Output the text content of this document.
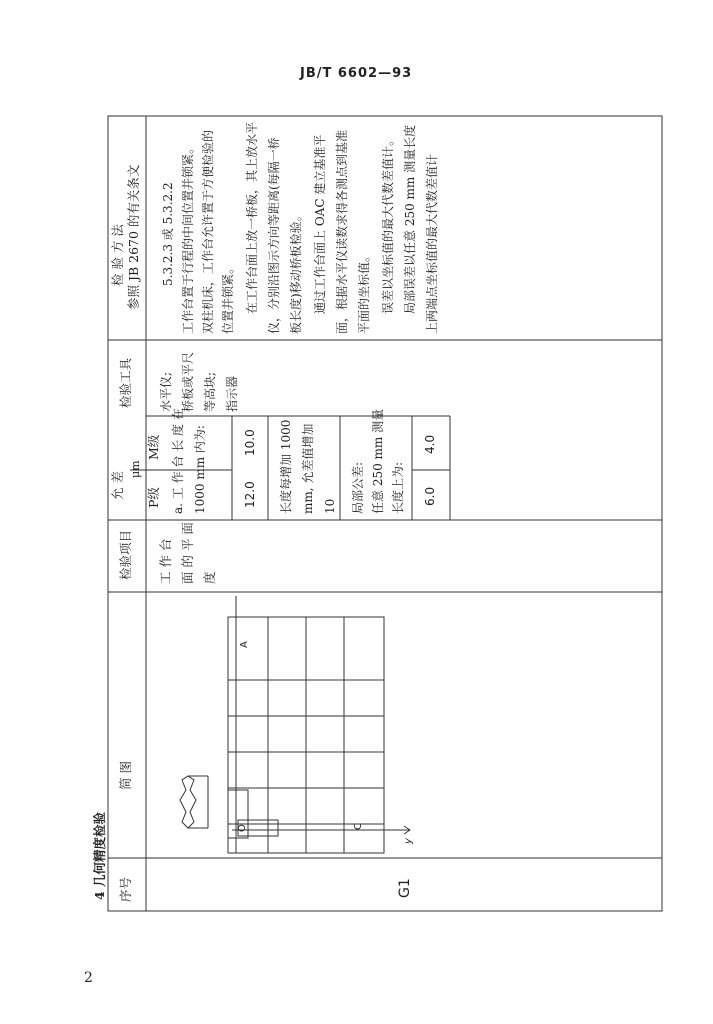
JB/T 6602—93
4 几何精度检验 序号
简 图
检验项目
允 差
μm
P级
M级
检验工具
检 验 方 法 参照 JB 2670 的有关条文
G1
A
O	C
y
工 作 台 面 的 平 面 度
a. 工 作 台 长 度 在 1000 mm 内为:	12.0
10.0 长度每增加 1000 mm, 允差值增加 10 局部公差: 任意 250 mm 测量 长度上为: 6.0
4.0
水平仪; 桥板或平尺 等高块; 指示器
5.3.2.3 或 5.3.2.2 工作台置于行程的中间位置并锁紧。 双柱机床，工作台允许置于方便检验的 位置并锁紧。 在工作台面上放一桥板，其上放水平 仪，分别沿图示方向等距离(每隔一桥 板长度)移动桥板检验。 通过工作台面上 OAC 建立基准平 面，根据水平仪读数求得各测点到基准 平面的坐标值。 误差以坐标值的最大代数差值计。 局部误差以任意 250 mm 测量长度 上两端点坐标值的最大代数差值计
2
